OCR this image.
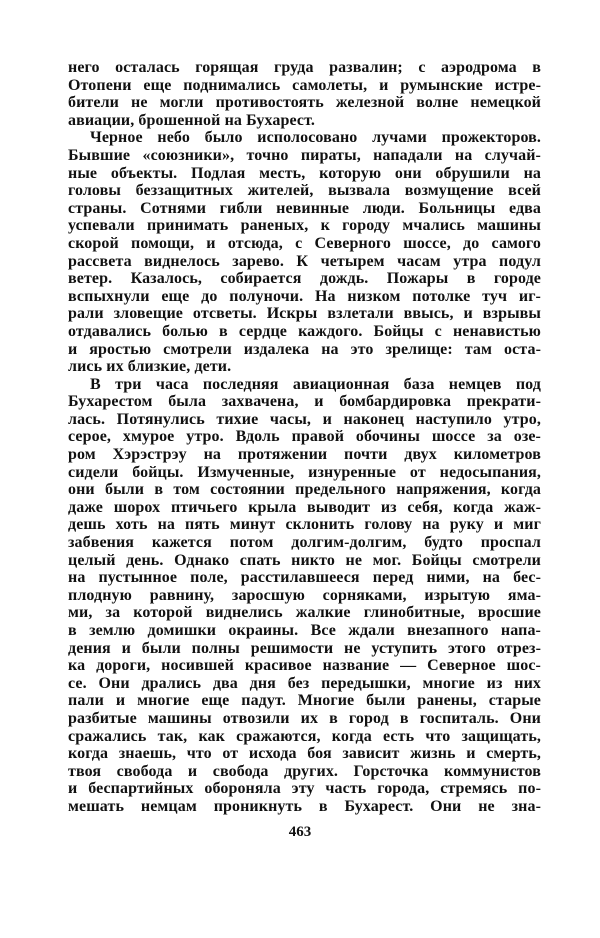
него осталась горящая груда развалин; с аэродрома в
Отопени еще поднимались самолеты, и румынские истре-
бители не могли противостоять железной волне немецкой
авиации, брошенной на Бухарест.
Черное небо было исполосовано лучами прожекторов.
Бывшие «союзники», точно пираты, нападали на случай-
ные объекты. Подлая месть, которую они обрушили на
головы беззащитных жителей, вызвала возмущение всей
страны. Сотнями гибли невинные люди. Больницы едва
успевали принимать раненых, к городу мчались машины
скорой помощи, и отсюда, с Северного шоссе, до самого
рассвета виднелось зарево. К четырем часам утра подул
ветер. Казалось, собирается дождь. Пожары в городе
вспыхнули еще до полуночи. На низком потолке туч иг-
рали зловещие отсветы. Искры взлетали ввысь, и взрывы
отдавались болью в сердце каждого. Бойцы с ненавистью
и яростью смотрели издалека на это зрелище: там оста-
лись их близкие, дети.
В три часа последняя авиационная база немцев под
Бухарестом была захвачена, и бомбардировка прекрати-
лась. Потянулись тихие часы, и наконец наступило утро,
серое, хмурое утро. Вдоль правой обочины шоссе за озе-
ром Хэрэстрэу на протяжении почти двух километров
сидели бойцы. Измученные, изнуренные от недосыпания,
они были в том состоянии предельного напряжения, когда
даже шорох птичьего крыла выводит из себя, когда жаж-
дешь хоть на пять минут склонить голову на руку и миг
забвения кажется потом долгим-долгим, будто проспал
целый день. Однако спать никто не мог. Бойцы смотрели
на пустынное поле, расстилавшееся перед ними, на бес-
плодную равнину, заросшую сорняками, изрытую яма-
ми, за которой виднелись жалкие глинобитные, вросшие
в землю домишки окраины. Все ждали внезапного напа-
дения и были полны решимости не уступить этого отрез-
ка дороги, носившей красивое название — Северное шос-
се. Они дрались два дня без передышки, многие из них
пали и многие еще падут. Многие были ранены, старые
разбитые машины отвозили их в город в госпиталь. Они
сражались так, как сражаются, когда есть что защищать,
когда знаешь, что от исхода боя зависит жизнь и смерть,
твоя свобода и свобода других. Горсточка коммунистов
и беспартийных обороняла эту часть города, стремясь по-
мешать немцам проникнуть в Бухарест. Они не зна-
463
